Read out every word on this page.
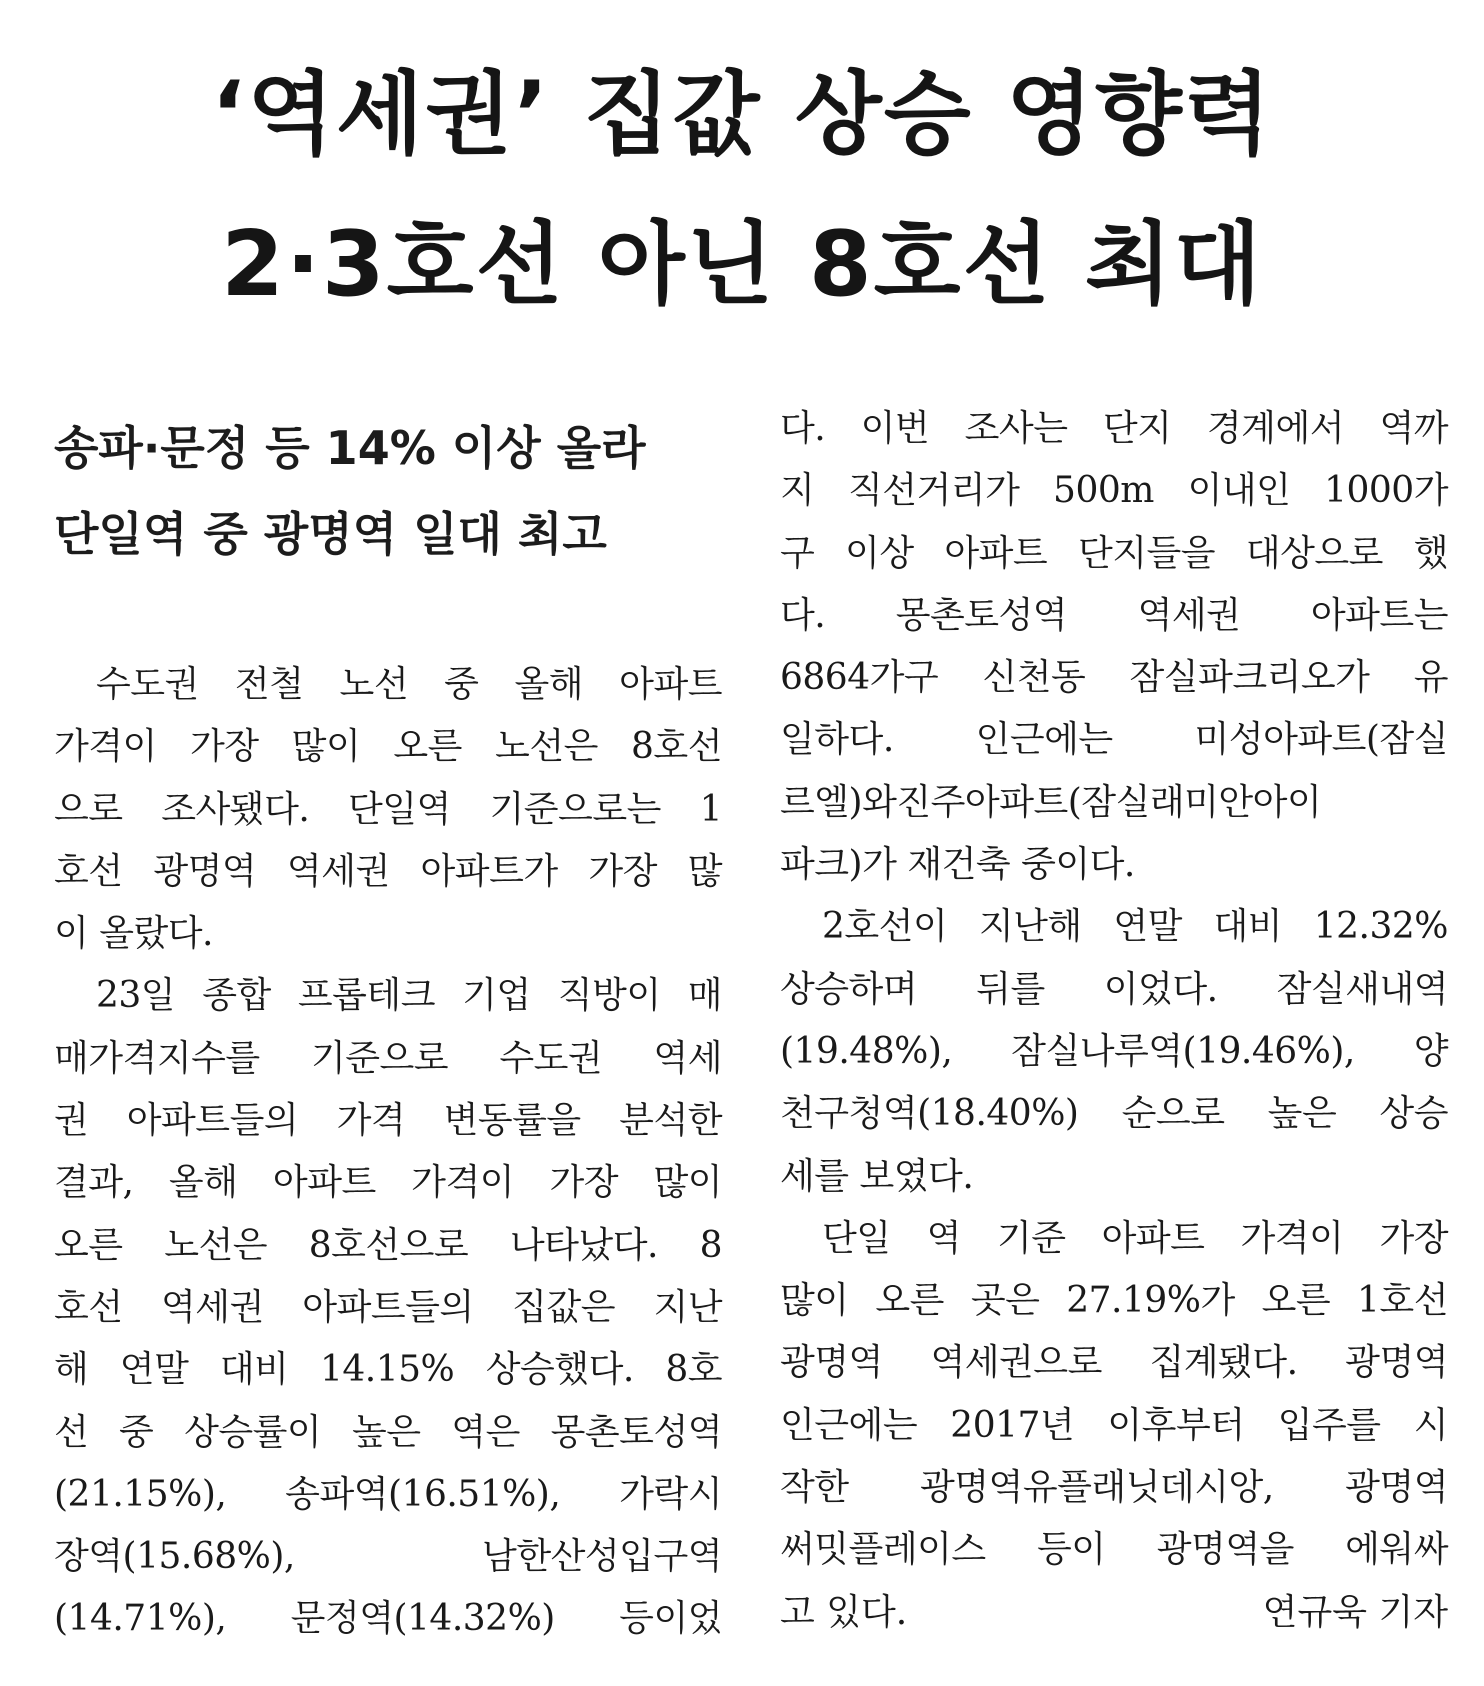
‘역세권’ 집값 상승 영향력
2·3호선 아닌 8호선 최대
송파·문정 등 14% 이상 올라
단일역 중 광명역 일대 최고

수도권 전철 노선 중 올해 아파트
가격이 가장 많이 오른 노선은 8호선
으로 조사됐다. 단일역 기준으로는 1
호선 광명역 역세권 아파트가 가장 많
이 올랐다.

23일 종합 프롭테크 기업 직방이 매
매가격지수를 기준으로 수도권 역세
권 아파트들의 가격 변동률을 분석한
결과, 올해 아파트 가격이 가장 많이
오른 노선은 8호선으로 나타났다. 8
호선 역세권 아파트들의 집값은 지난
해 연말 대비 14.15% 상승했다. 8호
선 중 상승률이 높은 역은 몽촌토성역
(21.15%), 송파역(16.51%), 가락시
장역(15.68%), 남한산성입구역
(14.71%), 문정역(14.32%) 등이었

다. 이번 조사는 단지 경계에서 역까
지 직선거리가 500m 이내인 1000가
구 이상 아파트 단지들을 대상으로 했
다. 몽촌토성역 역세권 아파트는
6864가구 신천동 잠실파크리오가 유
일하다. 인근에는 미성아파트(잠실
르엘)와진주아파트(잠실래미안아이
파크)가 재건축 중이다.

2호선이 지난해 연말 대비 12.32%
상승하며 뒤를 이었다. 잠실새내역
(19.48%), 잠실나루역(19.46%), 양
천구청역(18.40%) 순으로 높은 상승
세를 보였다.

단일 역 기준 아파트 가격이 가장
많이 오른 곳은 27.19%가 오른 1호선
광명역 역세권으로 집계됐다. 광명역
인근에는 2017년 이후부터 입주를 시
작한 광명역유플래닛데시앙, 광명역
써밋플레이스 등이 광명역을 에워싸

고 있다.	연규욱 기자
